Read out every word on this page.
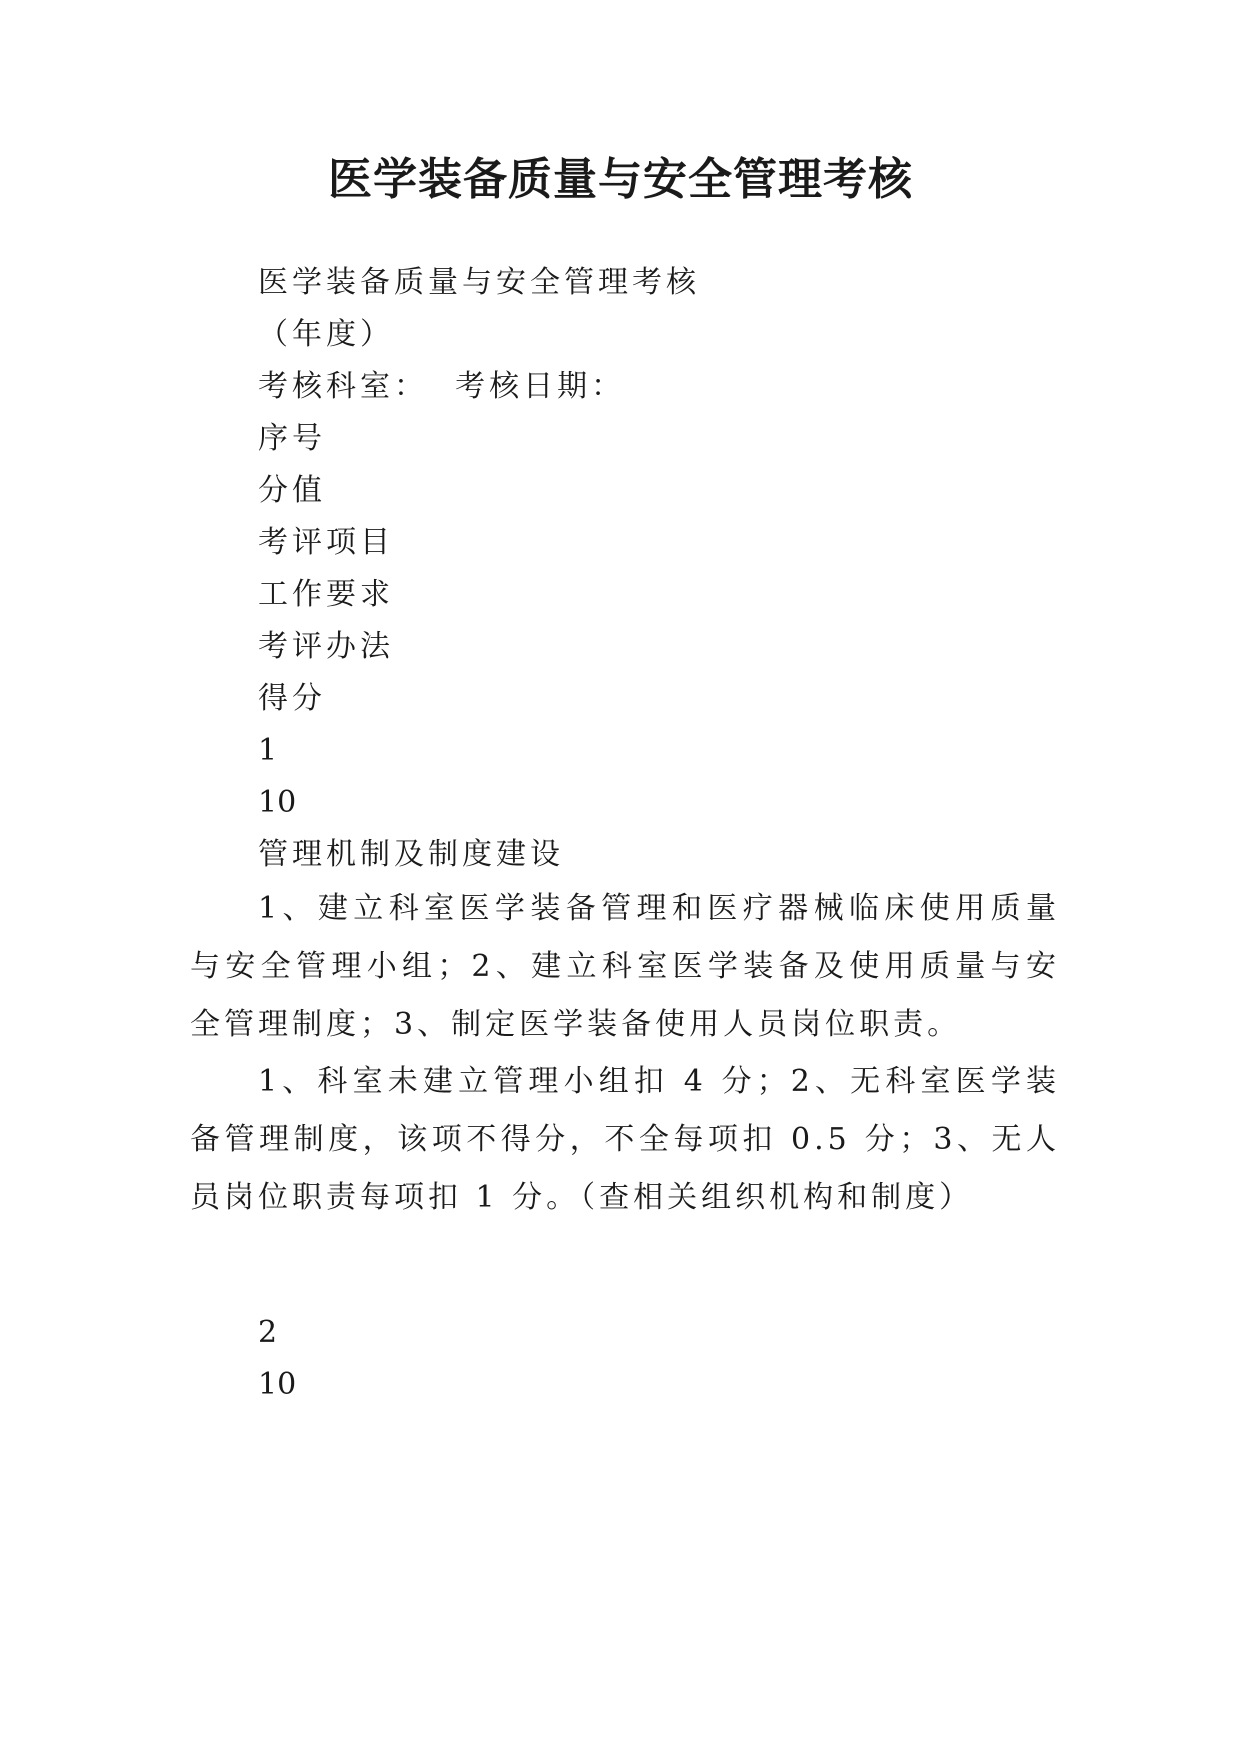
医学装备质量与安全管理考核
医学装备质量与安全管理考核
（年度）
考核科室：  考核日期：
序号
分值
考评项目
工作要求
考评办法
得分
1
10
管理机制及制度建设
1、建立科室医学装备管理和医疗器械临床使用质量与安全管理小组；2、建立科室医学装备及使用质量与安全管理制度；3、制定医学装备使用人员岗位职责。
1、科室未建立管理小组扣 4 分；2、无科室医学装备管理制度，该项不得分，不全每项扣 0.5 分；3、无人员岗位职责每项扣 1 分。（查相关组织机构和制度）
2
10
